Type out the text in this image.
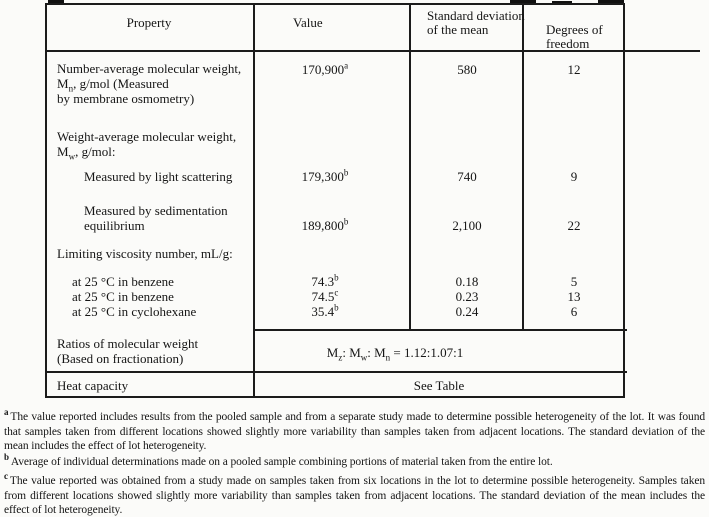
Property	Value	Standard deviation of the mean	Degrees of freedom
Number-average molecular weight,
$M_n$, g/mol (Measured
by membrane osmometry)
170,900$^a$	580	12
Weight-average molecular weight,
$M_w$, g/mol:
Measured by light scattering	179,300$^b$	740	9
Measured by sedimentation
equilibrium	189,800$^b$	2,100	22
Limiting viscosity number, mL/g:
at 25 °C in benzene	74.3$^b$	0.18	5
at 25 °C in benzene	74.5$^c$	0.23	13
at 25 °C in cyclohexane	35.4$^b$	0.24	6
Ratios of molecular weight
(Based on fractionation)	$M_z$: $M_w$: $M_n$ = 1.12:1.07:1
Heat capacity	See Table
$^a$ The value reported includes results from the pooled sample and from a separate study made to determine possible heterogeneity of the lot. It was found that samples taken from different locations showed slightly more variability than samples taken from adjacent locations. The standard deviation of the mean includes the effect of lot heterogeneity.
$^b$ Average of individual determinations made on a pooled sample combining portions of material taken from the entire lot.
$^c$ The value reported was obtained from a study made on samples taken from six locations in the lot to determine possible heterogeneity. Samples taken from different locations showed slightly more variability than samples taken from adjacent locations. The standard deviation of the mean includes the effect of lot heterogeneity.
